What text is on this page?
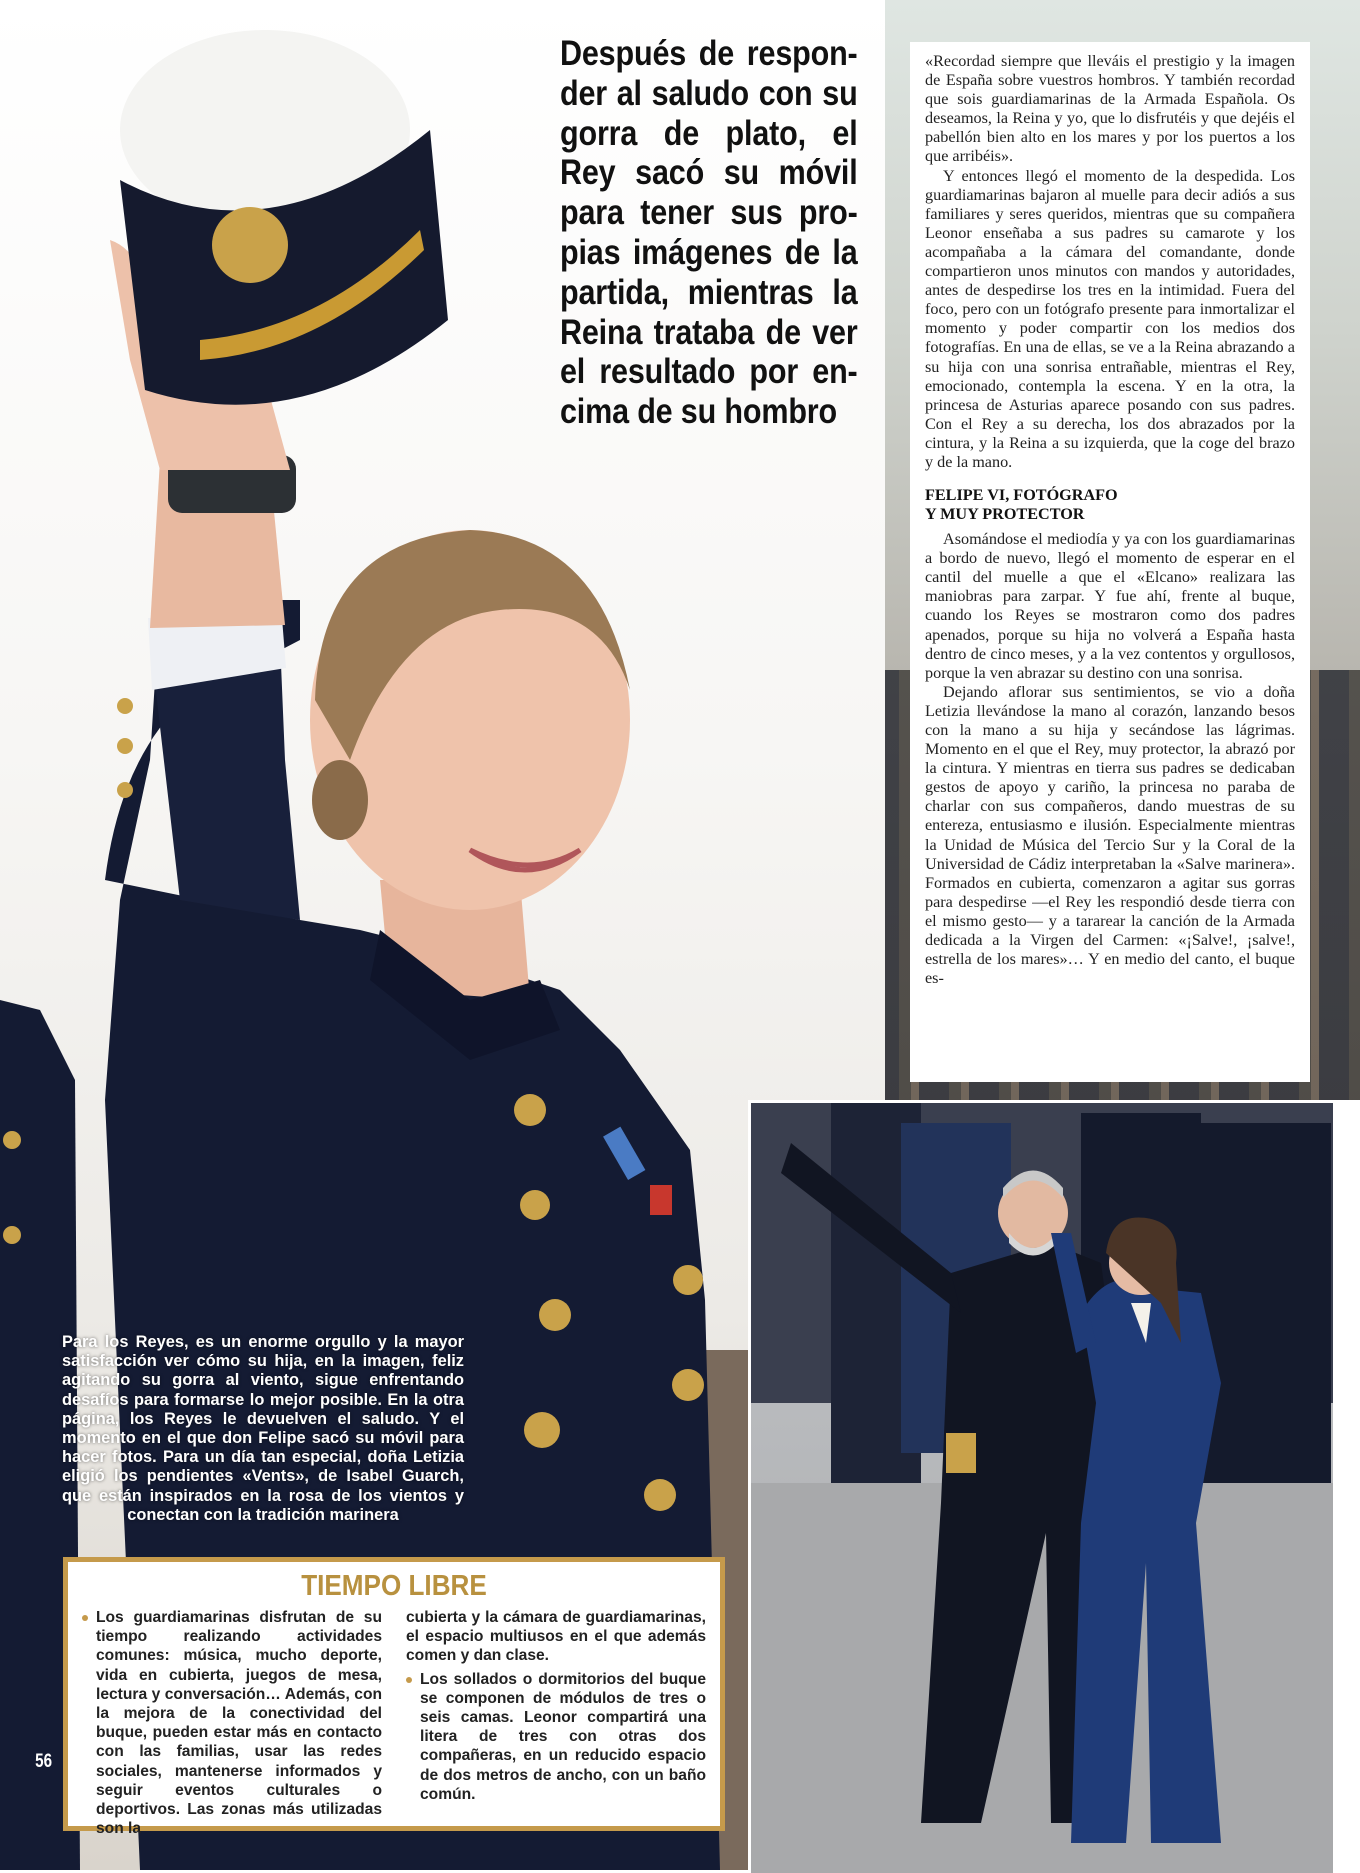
Después de respon-der al saludo con su gorra de plato, el Rey sacó su móvil para tener sus pro-pias imágenes de la partida, mientras la Reina trataba de ver el resultado por en-cima de su hombro

«Recordad siempre que lleváis el prestigio y la imagen de España sobre vuestros hombros. Y también recordad que sois guardiamarinas de la Armada Española. Os deseamos, la Reina y yo, que lo disfrutéis y que dejéis el pabellón bien alto en los mares y por los puertos a los que arribéis».

Y entonces llegó el momento de la despedida. Los guardiamarinas bajaron al muelle para decir adiós a sus familiares y seres queridos, mientras que su compañera Leonor enseñaba a sus padres su camarote y los acompañaba a la cámara del comandante, donde compartieron unos minutos con mandos y autoridades, antes de despedirse los tres en la intimidad. Fuera del foco, pero con un fotógrafo presente para inmortalizar el momento y poder compartir con los medios dos fotografías. En una de ellas, se ve a la Reina abrazando a su hija con una sonrisa entrañable, mientras el Rey, emocionado, contempla la escena. Y en la otra, la princesa de Asturias aparece posando con sus padres. Con el Rey a su derecha, los dos abrazados por la cintura, y la Reina a su izquierda, que la coge del brazo y de la mano.

FELIPE VI, FOTÓGRAFO
Y MUY PROTECTOR

Asomándose el mediodía y ya con los guardiamarinas a bordo de nuevo, llegó el momento de esperar en el cantil del muelle a que el «Elcano» realizara las maniobras para zarpar. Y fue ahí, frente al buque, cuando los Reyes se mostraron como dos padres apenados, porque su hija no volverá a España hasta dentro de cinco meses, y a la vez contentos y orgullosos, porque la ven abrazar su destino con una sonrisa.

Dejando aflorar sus sentimientos, se vio a doña Letizia llevándose la mano al corazón, lanzando besos con la mano a su hija y secándose las lágrimas. Momento en el que el Rey, muy protector, la abrazó por la cintura. Y mientras en tierra sus padres se dedicaban gestos de apoyo y cariño, la princesa no paraba de charlar con sus compañeros, dando muestras de su entereza, entusiasmo e ilusión. Especialmente mientras la Unidad de Música del Tercio Sur y la Coral de la Universidad de Cádiz interpretaban la «Salve marinera». Formados en cubierta, comenzaron a agitar sus gorras para despedirse —el Rey les respondió desde tierra con el mismo gesto— y a tararear la canción de la Armada dedicada a la Virgen del Carmen: «¡Salve!, ¡salve!, estrella de los mares»… Y en medio del canto, el buque es-

Para los Reyes, es un enorme orgullo y la mayor satisfacción ver cómo su hija, en la imagen, feliz agitando su gorra al viento, sigue enfrentando desafíos para formarse lo mejor posible. En la otra página, los Reyes le devuelven el saludo. Y el momento en el que don Felipe sacó su móvil para hacer fotos. Para un día tan especial, doña Letizia eligió los pendientes «Vents», de Isabel Guarch, que están inspirados en la rosa de los vientos y conectan con la tradición marinera
TIEMPO LIBRE
Los guardiamarinas disfrutan de su tiempo realizando actividades comunes: música, mucho deporte, vida en cubierta, juegos de mesa, lectura y conversación… Además, con la mejora de la conectividad del buque, pueden estar más en contacto con las familias, usar las redes sociales, mantenerse informados y seguir eventos culturales o deportivos. Las zonas más utilizadas son la
cubierta y la cámara de guardiamarinas, el espacio multiusos en el que además comen y dan clase.
Los sollados o dormitorios del buque se componen de módulos de tres o seis camas. Leonor compartirá una litera de tres con otras dos compañeras, en un reducido espacio de dos metros de ancho, con un baño común.
56
